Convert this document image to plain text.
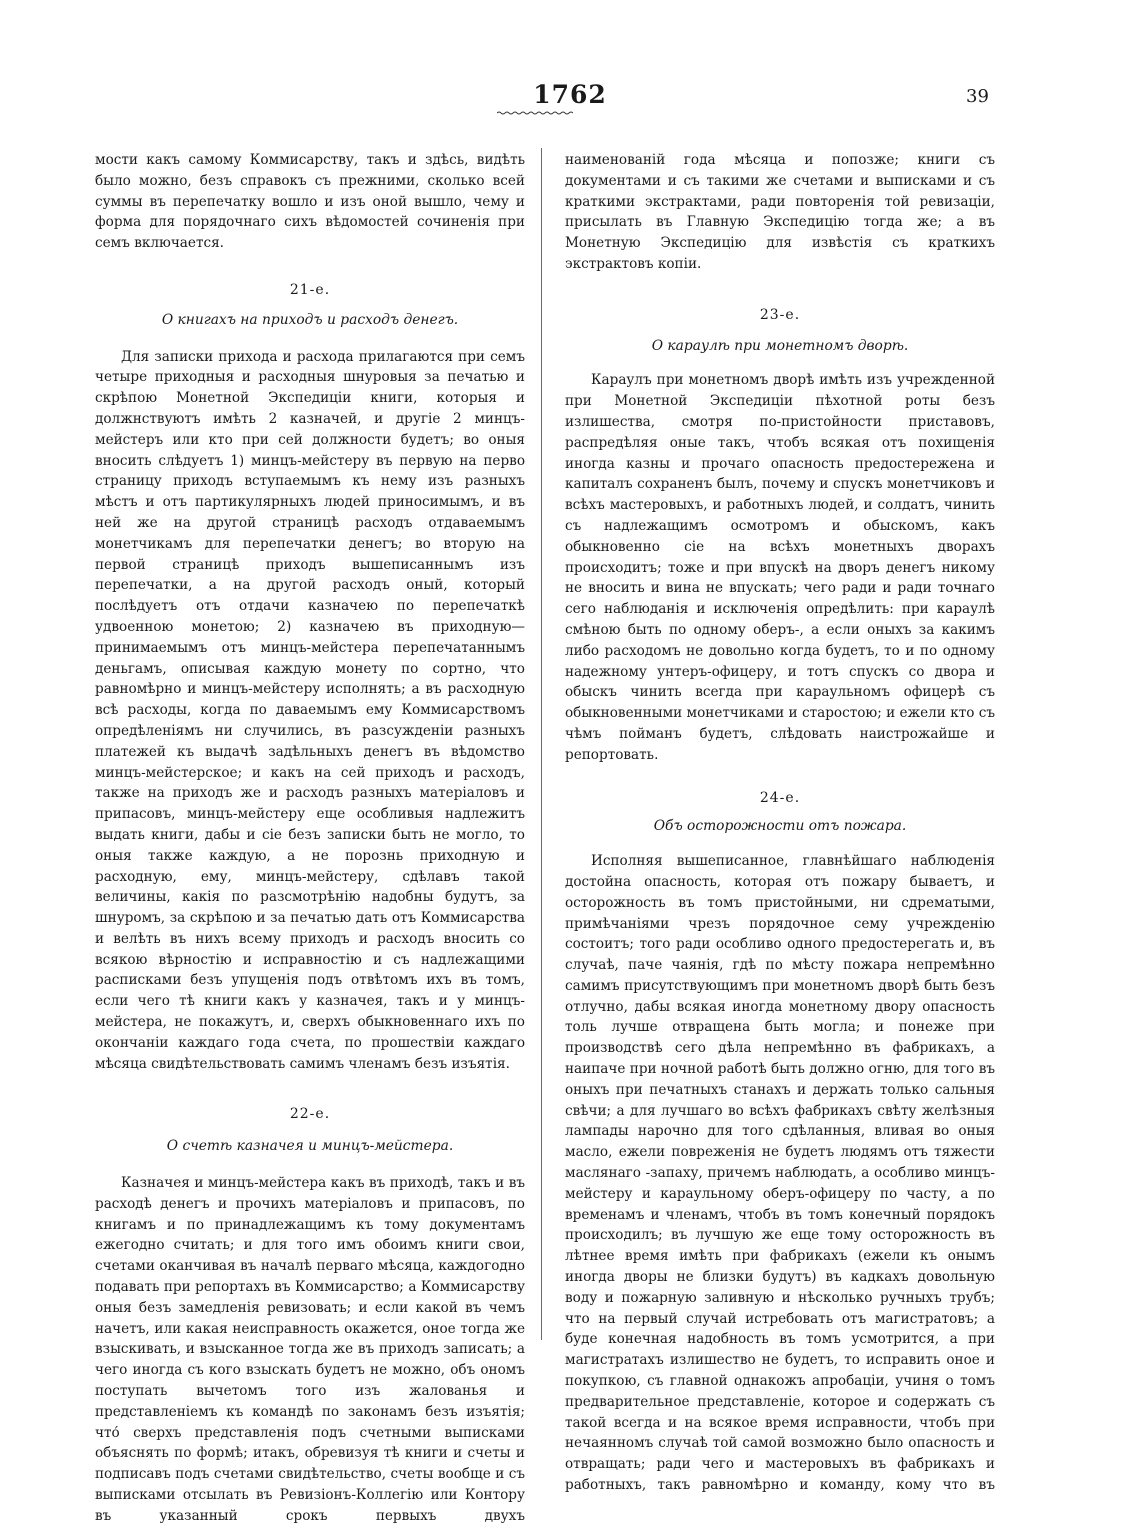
1762	39

мости какъ самому Коммисарству, такъ и здѣсь, видѣть было можно, безъ справокъ съ прежними, сколько всей суммы въ перепечатку вошло и изъ оной вышло, чему и форма для порядочнаго сихъ вѣдомостей сочиненія при семъ включается.

21-е.
О книгахъ на приходъ и расходъ денегъ.

Для записки прихода и расхода прилагаются при семъ четыре приходныя и расходныя шнуровыя за печатью и скрѣпою Монетной Экспедиціи книги, которыя и должнствуютъ имѣть 2 казначей, и другіе 2 минцъ-мейстеръ или кто при сей должности будетъ; во оныя вносить слѣдуетъ 1) минцъ-мейстеру въ первую на перво страницу приходъ вступаемымъ къ нему изъ разныхъ мѣстъ и отъ партикулярныхъ людей приносимымъ, и въ ней же на другой страницѣ расходъ отдаваемымъ монетчикамъ для перепечатки денегъ; во вторую на первой страницѣ приходъ вышеписаннымъ изъ перепечатки, а на другой расходъ оный, который послѣдуетъ отъ отдачи казначею по перепечаткѣ удвоенною монетою; 2) казначею въ приходную—принимаемымъ отъ минцъ-мейстера перепечатаннымъ деньгамъ, описывая каждую монету по сортно, что равномѣрно и минцъ-мейстеру исполнять; а въ расходную всѣ расходы, когда по даваемымъ ему Коммисарствомъ опредѣленіямъ ни случились, въ разсужденіи разныхъ платежей къ выдачѣ задѣльныхъ денегъ въ вѣдомство минцъ-мейстерское; и какъ на сей приходъ и расходъ, также на приходъ же и расходъ разныхъ матеріаловъ и припасовъ, минцъ-мейстеру еще особливыя надлежитъ выдать книги, дабы и сіе безъ записки быть не могло, то оныя также каждую, а не порознь приходную и расходную, ему, минцъ-мейстеру, сдѣлавъ такой величины, какія по разсмотрѣнію надобны будутъ, за шнуромъ, за скрѣпою и за печатью дать отъ Коммисарства и велѣть въ нихъ всему приходъ и расходъ вносить со всякою вѣрностію и исправностію и съ надлежащими расписками безъ упущенія подъ отвѣтомъ ихъ въ томъ, если чего тѣ книги какъ у казначея, такъ и у минцъ-мейстера, не покажутъ, и, сверхъ обыкновеннаго ихъ по окончаніи каждаго года счета, по прошествіи каждаго мѣсяца свидѣтельствовать самимъ членамъ безъ изъятія.

22-е.
О счетѣ казначея и минцъ-мейстера.

Казначея и минцъ-мейстера какъ въ приходѣ, такъ и въ расходѣ денегъ и прочихъ матеріаловъ и припасовъ, по книгамъ и по принадлежащимъ къ тому документамъ ежегодно считать; и для того имъ обоимъ книги свои, счетами оканчивая въ началѣ перваго мѣсяца, каждогодно подавать при репортахъ въ Коммисарство; а Коммисарству оныя безъ замедленія ревизовать; и если какой въ чемъ начетъ, или какая неисправность окажется, оное тогда же взыскивать, и взысканное тогда же въ приходъ записать; а чего иногда съ кого взыскать будетъ не можно, объ ономъ поступать вычетомъ того изъ жалованья и представленіемъ къ командѣ по законамъ безъ изъятія; что́ сверхъ представленія подъ счетными выписками объяснять по формѣ; итакъ, обревизуя тѣ книги и счеты и подписавъ подъ счетами свидѣтельство, счеты вообще и съ выписками отсылать въ Ревизіонъ-Коллегію или Контору въ указанный срокъ первыхъ двухъ

наименованій года мѣсяца и попозже; книги съ документами и съ такими же счетами и выписками и съ краткими экстрактами, ради повторенія той ревизаціи, присылать въ Главную Экспедицію тогда же; а въ Монетную Экспедицію для извѣстія съ краткихъ экстрактовъ копіи.

23-е.
О караулѣ при монетномъ дворѣ.

Караулъ при монетномъ дворѣ имѣть изъ учрежденной при Монетной Экспедиціи пѣхотной роты безъ излишества, смотря по-пристойности приставовъ, распредѣляя оные такъ, чтобъ всякая отъ похищенія иногда казны и прочаго опасность предостережена и капиталъ сохраненъ былъ, почему и спускъ монетчиковъ и всѣхъ мастеровыхъ, и работныхъ людей, и солдатъ, чинить съ надлежащимъ осмотромъ и обыскомъ, какъ обыкновенно сіе на всѣхъ монетныхъ дворахъ происходитъ; тоже и при впускѣ на дворъ денегъ никому не вносить и вина не впускать; чего ради и ради точнаго сего наблюданія и исключенія опредѣлить: при караулѣ смѣною быть по одному оберъ-, а если оныхъ за какимъ либо расходомъ не довольно когда будетъ, то и по одному надежному унтеръ-офицеру, и тотъ спускъ со двора и обыскъ чинить всегда при караульномъ офицерѣ съ обыкновенными монетчиками и старостою; и ежели кто съ чѣмъ пойманъ будетъ, слѣдовать наистрожайше и репортовать.

24-е.
Объ осторожности отъ пожара.

Исполняя вышеписанное, главнѣйшаго наблюденія достойна опасность, которая отъ пожару бываетъ, и осторожность въ томъ пристойными, ни сдрематыми, примѣчаніями чрезъ порядочное сему учрежденію состоитъ; того ради особливо одного предостерегать и, въ случаѣ, паче чаянія, гдѣ по мѣсту пожара непремѣнно самимъ присутствующимъ при монетномъ дворѣ быть безъ отлучно, дабы всякая иногда монетному двору опасность толь лучше отвращена быть могла; и понеже при производствѣ сего дѣла непремѣнно въ фабрикахъ, а наипаче при ночной работѣ быть должно огню, для того въ оныхъ при печатныхъ станахъ и держать только сальныя свѣчи; а для лучшаго во всѣхъ фабрикахъ свѣту желѣзныя лампады нарочно для того сдѣланныя, вливая во оныя масло, ежели повреженія не будетъ людямъ отъ тяжести маслянаго -запаху, причемъ наблюдать, а особливо минцъ-мейстеру и караульному оберъ-офицеру по часту, а по временамъ и членамъ, чтобъ въ томъ конечный порядокъ происходилъ; въ лучшую же еще тому осторожность въ лѣтнее время имѣть при фабрикахъ (ежели къ онымъ иногда дворы не близки будутъ) въ кадкахъ довольную воду и пожарную заливную и нѣсколько ручныхъ трубъ; что на первый случай истребовать отъ магистратовъ; а буде конечная надобность въ томъ усмотрится, а при магистратахъ излишество не будетъ, то исправить оное и покупкою, съ главной однакожъ апробаціи, учиня о томъ предварительное представленіе, которое и содержать съ такой всегда и на всякое время исправности, чтобъ при нечаянномъ случаѣ той самой возможно было опасность и отвращать; ради чего и мастеровыхъ въ фабрикахъ и работныхъ, такъ равномѣрно и команду, кому что въ
